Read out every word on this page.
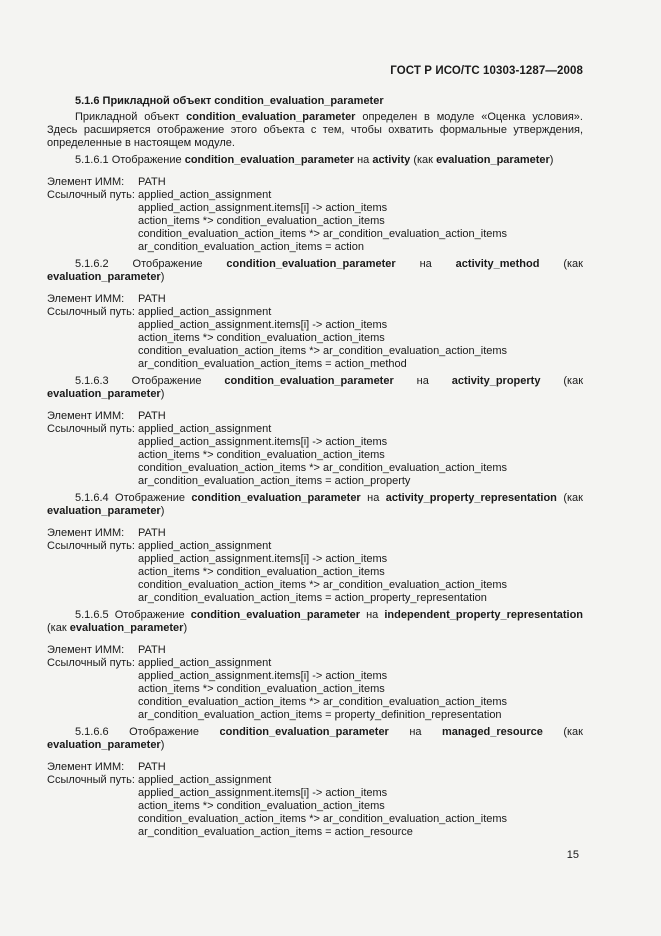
ГОСТ Р ИСО/ТС 10303-1287—2008
5.1.6 Прикладной объект condition_evaluation_parameter

Прикладной объект condition_evaluation_parameter определен в модуле «Оценка условия». Здесь расширяется отображение этого объекта с тем, чтобы охватить формальные утверждения, определенные в настоящем модуле.

5.1.6.1 Отображение condition_evaluation_parameter на activity (как evaluation_parameter)

Элемент ИММ:	PATH
Ссылочный путь: applied_action_assignment
applied_action_assignment.items[i] -> action_items
action_items *> condition_evaluation_action_items
condition_evaluation_action_items *> ar_condition_evaluation_action_items
ar_condition_evaluation_action_items = action

5.1.6.2 Отображение condition_evaluation_parameter на activity_method (как evaluation_parameter)

Элемент ИММ:	PATH
Ссылочный путь: applied_action_assignment
applied_action_assignment.items[i] -> action_items
action_items *> condition_evaluation_action_items
condition_evaluation_action_items *> ar_condition_evaluation_action_items
ar_condition_evaluation_action_items = action_method

5.1.6.3 Отображение condition_evaluation_parameter на activity_property (как evaluation_parameter)

Элемент ИММ:	PATH
Ссылочный путь: applied_action_assignment
applied_action_assignment.items[i] -> action_items
action_items *> condition_evaluation_action_items
condition_evaluation_action_items *> ar_condition_evaluation_action_items
ar_condition_evaluation_action_items = action_property

5.1.6.4 Отображение condition_evaluation_parameter на activity_property_representation (как evaluation_parameter)

Элемент ИММ:	PATH
Ссылочный путь: applied_action_assignment
applied_action_assignment.items[i] -> action_items
action_items *> condition_evaluation_action_items
condition_evaluation_action_items *> ar_condition_evaluation_action_items
ar_condition_evaluation_action_items = action_property_representation

5.1.6.5 Отображение condition_evaluation_parameter на independent_property_representation (как evaluation_parameter)

Элемент ИММ:	PATH
Ссылочный путь: applied_action_assignment
applied_action_assignment.items[i] -> action_items
action_items *> condition_evaluation_action_items
condition_evaluation_action_items *> ar_condition_evaluation_action_items
ar_condition_evaluation_action_items = property_definition_representation

5.1.6.6 Отображение condition_evaluation_parameter на managed_resource (как evaluation_parameter)

Элемент ИММ:	PATH
Ссылочный путь: applied_action_assignment
applied_action_assignment.items[i] -> action_items
action_items *> condition_evaluation_action_items
condition_evaluation_action_items *> ar_condition_evaluation_action_items
ar_condition_evaluation_action_items = action_resource
15
